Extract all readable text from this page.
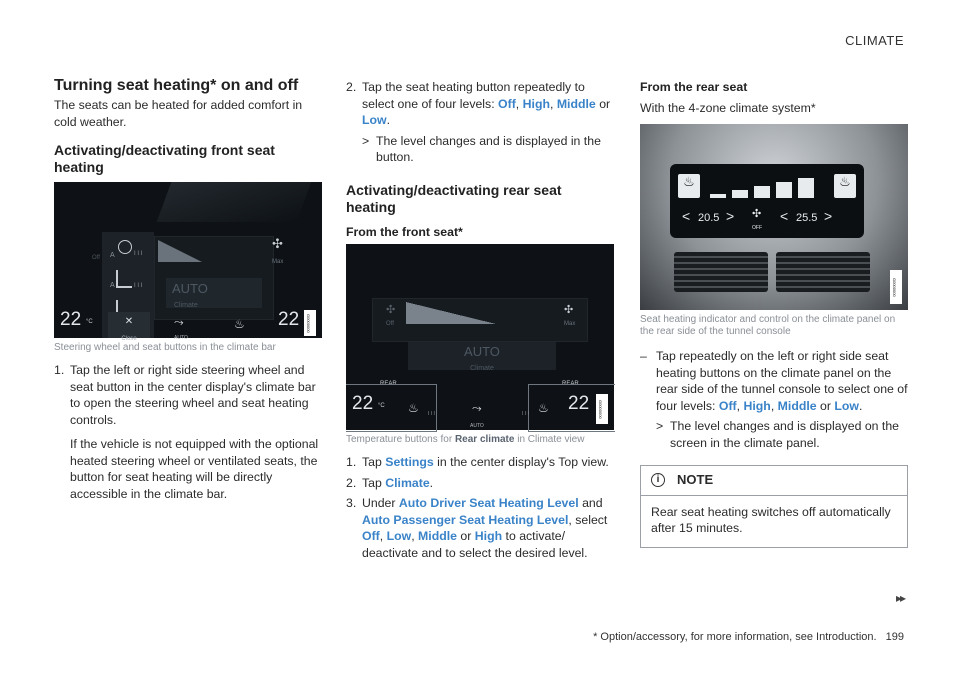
CLIMATE
Turning seat heating* on and off

The seats can be heated for added comfort in cold weather.

Activating/deactivating front seat heating
Off A	I I I
A	I I I
✣
Max
AUTO
Climate
22 °C	✕
Close
⤳
AUTO
♨ 22	G0000000
Steering wheel and seat buttons in the climate bar
1. Tap the left or right side steering wheel and seat button in the center display's climate bar to open the steering wheel and seat heating controls.

If the vehicle is not equipped with the optional heated steering wheel or ventilated seats, the button for seat heating will be directly accessible in the climate bar.

2. Tap the seat heating button repeatedly to select one of four levels: Off, High, Middle or Low.
> The level changes and is displayed in the button.
Activating/deactivating rear seat heating
From the front seat*
✣
Off
✣
Max
AUTO
Climate
REAR	REAR
22 °C ♨ I I I	⤳
AUTO
I I I ♨ 22	G0000000
Temperature buttons for Rear climate in Climate view
1. Tap Settings in the center display's Top view.
2. Tap Climate.
3. Under Auto Driver Seat Heating Level and Auto Passenger Seat Heating Level, select Off, Low, Middle or High to activate/ deactivate and to select the desired level.
From the rear seat

With the 4-zone climate system*

♨	♨
< 20.5 > ✣
OFF
< 25.5 >
G0000000
Seat heating indicator and control on the climate panel on the rear side of the tunnel console
– Tap repeatedly on the left or right side seat heating buttons on the climate panel on the rear side of the tunnel console to select one of four levels: Off, High, Middle or Low.
> The level changes and is displayed on the screen in the climate panel.
i	NOTE
Rear seat heating switches off automatically after 15 minutes.
▸▸
* Option/accessory, for more information, see Introduction. 199
